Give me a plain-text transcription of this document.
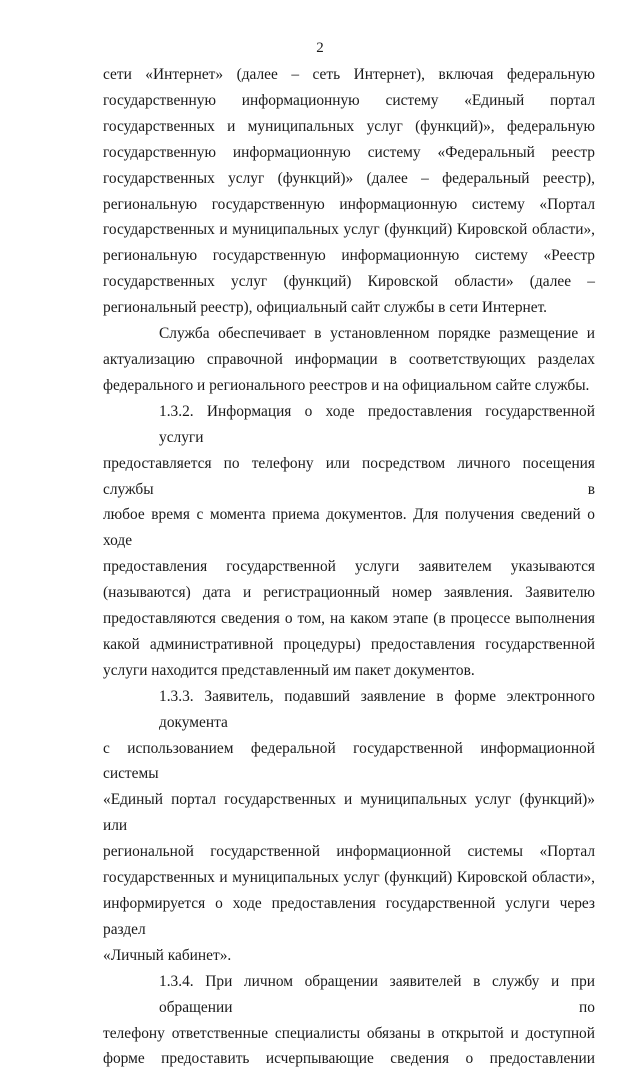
2

сети «Интернет» (далее – сеть Интернет), включая федеральную
государственную информационную систему «Единый портал
государственных и муниципальных услуг (функций)», федеральную
государственную информационную систему «Федеральный реестр
государственных услуг (функций)» (далее – федеральный реестр),
региональную государственную информационную систему «Портал
государственных и муниципальных услуг (функций) Кировской области»,
региональную государственную информационную систему «Реестр
государственных услуг (функций) Кировской области» (далее –
региональный реестр), официальный сайт службы в сети Интернет.

Служба обеспечивает в установленном порядке размещение и
актуализацию справочной информации в соответствующих разделах
федерального и регионального реестров и на официальном сайте службы.

1.3.2. Информация о ходе предоставления государственной услуги
предоставляется по телефону или посредством личного посещения службы в
любое время с момента приема документов. Для получения сведений о ходе
предоставления государственной услуги заявителем указываются
(называются) дата и регистрационный номер заявления. Заявителю
предоставляются сведения о том, на каком этапе (в процессе выполнения
какой административной процедуры) предоставления государственной
услуги находится представленный им пакет документов.

1.3.3. Заявитель, подавший заявление в форме электронного документа
с использованием федеральной государственной информационной системы
«Единый портал государственных и муниципальных услуг (функций)» или
региональной государственной информационной системы «Портал
государственных и муниципальных услуг (функций) Кировской области»,
информируется о ходе предоставления государственной услуги через раздел
«Личный кабинет».

1.3.4. При личном обращении заявителей в службу и при обращении по
телефону ответственные специалисты обязаны в открытой и доступной
форме предоставить исчерпывающие сведения о предоставлении
